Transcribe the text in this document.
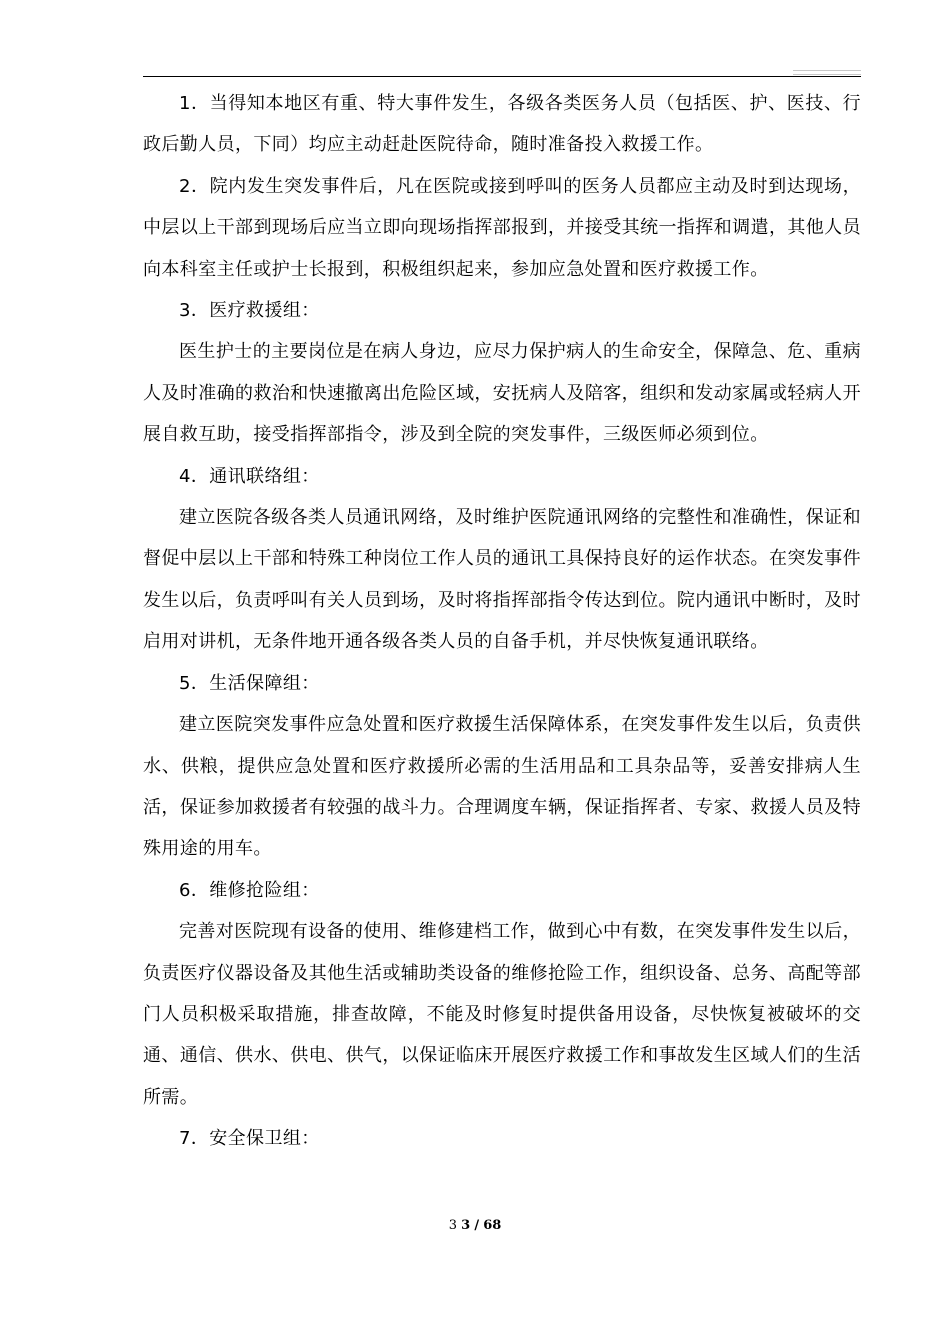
1．当得知本地区有重、特大事件发生，各级各类医务人员（包括医、护、医技、行政后勤人员，下同）均应主动赶赴医院待命，随时准备投入救援工作。

2．院内发生突发事件后，凡在医院或接到呼叫的医务人员都应主动及时到达现场，中层以上干部到现场后应当立即向现场指挥部报到，并接受其统一指挥和调遣，其他人员向本科室主任或护士长报到，积极组织起来，参加应急处置和医疗救援工作。

3．医疗救援组：

医生护士的主要岗位是在病人身边，应尽力保护病人的生命安全，保障急、危、重病人及时准确的救治和快速撤离出危险区域，安抚病人及陪客，组织和发动家属或轻病人开展自救互助，接受指挥部指令，涉及到全院的突发事件，三级医师必须到位。

4．通讯联络组：

建立医院各级各类人员通讯网络，及时维护医院通讯网络的完整性和准确性，保证和督促中层以上干部和特殊工种岗位工作人员的通讯工具保持良好的运作状态。在突发事件发生以后，负责呼叫有关人员到场，及时将指挥部指令传达到位。院内通讯中断时，及时启用对讲机，无条件地开通各级各类人员的自备手机，并尽快恢复通讯联络。

5．生活保障组：

建立医院突发事件应急处置和医疗救援生活保障体系，在突发事件发生以后，负责供水、供粮，提供应急处置和医疗救援所必需的生活用品和工具杂品等，妥善安排病人生活，保证参加救援者有较强的战斗力。合理调度车辆，保证指挥者、专家、救援人员及特殊用途的用车。

6．维修抢险组：

完善对医院现有设备的使用、维修建档工作，做到心中有数，在突发事件发生以后，负责医疗仪器设备及其他生活或辅助类设备的维修抢险工作，组织设备、总务、高配等部门人员积极采取措施，排查故障，不能及时修复时提供备用设备，尽快恢复被破坏的交通、通信、供水、供电、供气，以保证临床开展医疗救援工作和事故发生区域人们的生活所需。

7．安全保卫组：

3 3 / 68
